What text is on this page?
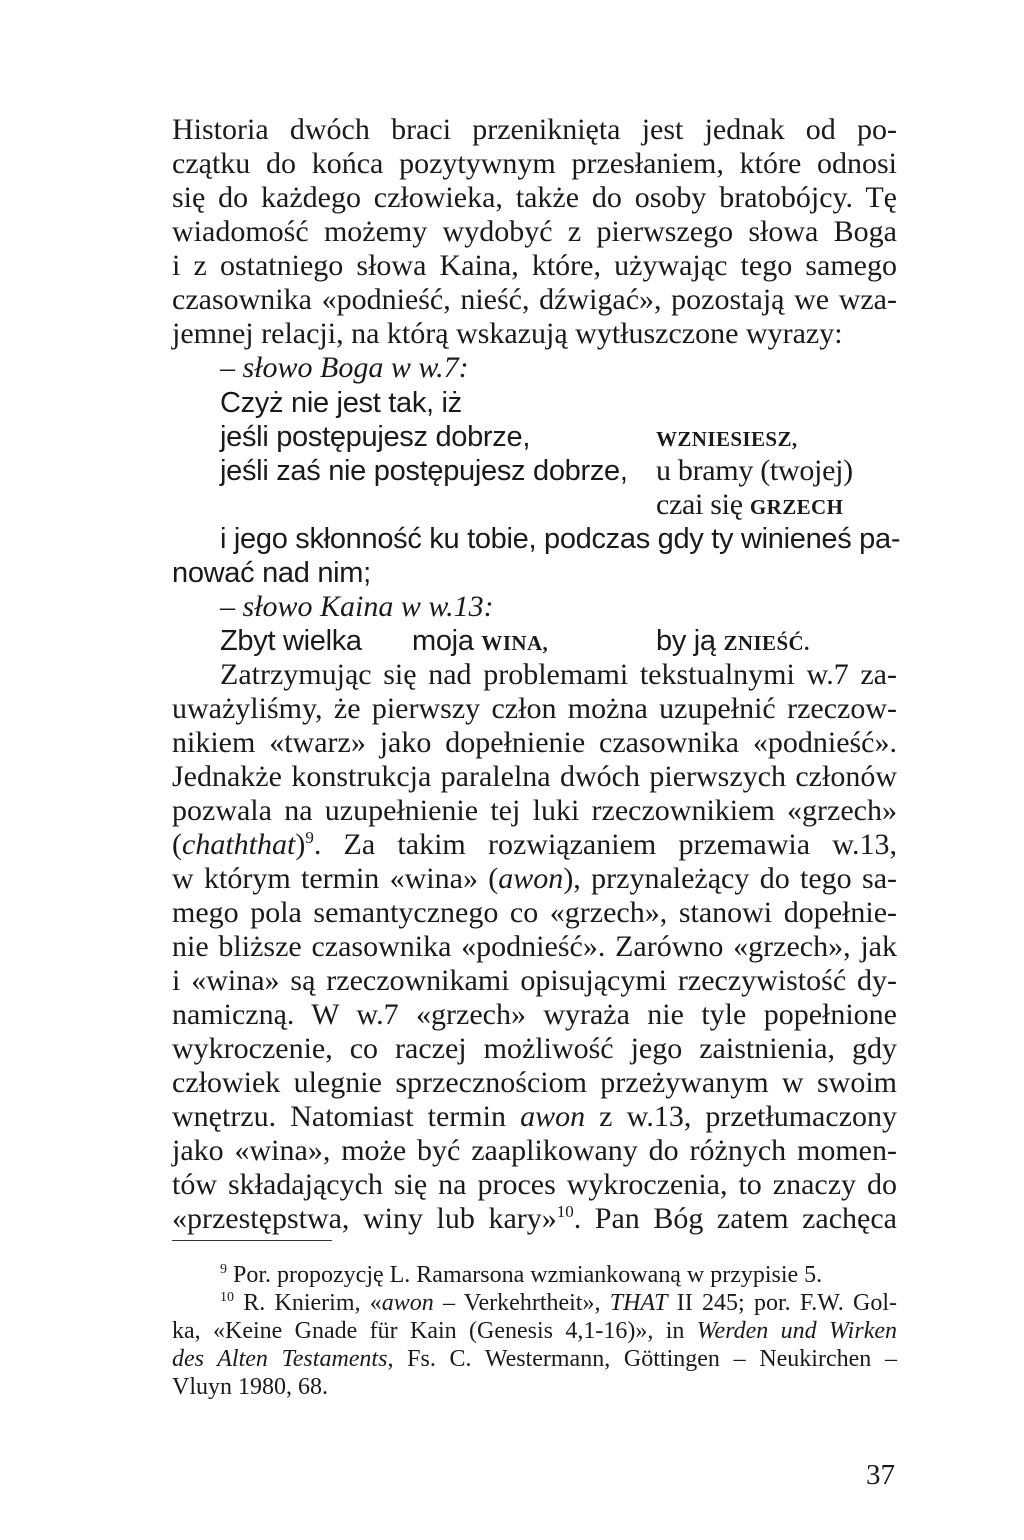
Historia dwóch braci przeniknięta jest jednak od po-
czątku do końca pozytywnym przesłaniem, które odnosi
się do każdego człowieka, także do osoby bratobójcy. Tę
wiadomość możemy wydobyć z pierwszego słowa Boga
i z ostatniego słowa Kaina, które, używając tego samego
czasownika «podnieść, nieść, dźwigać», pozostają we wza-
jemnej relacji, na którą wskazują wytłuszczone wyrazy:
– słowo Boga w w.7:
Czyż nie jest tak, iż
jeśli postępujesz dobrze,	WZNIESIESZ,
jeśli zaś nie postępujesz dobrze, u bramy (twojej)
czai się GRZECH
i jego skłonność ku tobie, podczas gdy ty winieneś pa-
nować nad nim;
– słowo Kaina w w.13:
Zbyt wielka moja WINA,	by ją ZNIEŚĆ.
Zatrzymując się nad problemami tekstualnymi w.7 za-
uważyliśmy, że pierwszy człon można uzupełnić rzeczow-
nikiem «twarz» jako dopełnienie czasownika «podnieść».
Jednakże konstrukcja paralelna dwóch pierwszych członów
pozwala na uzupełnienie tej luki rzeczownikiem «grzech»
(chaththat)$^9$. Za takim rozwiązaniem przemawia w.13,
w którym termin «wina» (awon), przynależący do tego sa-
mego pola semantycznego co «grzech», stanowi dopełnie-
nie bliższe czasownika «podnieść». Zarówno «grzech», jak
i «wina» są rzeczownikami opisującymi rzeczywistość dy-
namiczną. W w.7 «grzech» wyraża nie tyle popełnione
wykroczenie, co raczej możliwość jego zaistnienia, gdy
człowiek ulegnie sprzecznościom przeżywanym w swoim
wnętrzu. Natomiast termin awon z w.13, przetłumaczony
jako «wina», może być zaaplikowany do różnych momen-
tów składających się na proces wykroczenia, to znaczy do
«przestępstwa, winy lub kary»$^{10}$. Pan Bóg zatem zachęca
$^9$ Por. propozycję L. Ramarsona wzmiankowaną w przypisie 5.
$^{10}$ R. Knierim, «awon – Verkehrtheit», THAT II 245; por. F.W. Gol-
ka, «Keine Gnade für Kain (Genesis 4,1-16)», in Werden und Wirken
des Alten Testaments, Fs. C. Westermann, Göttingen – Neukirchen –
Vluyn 1980, 68.
37
